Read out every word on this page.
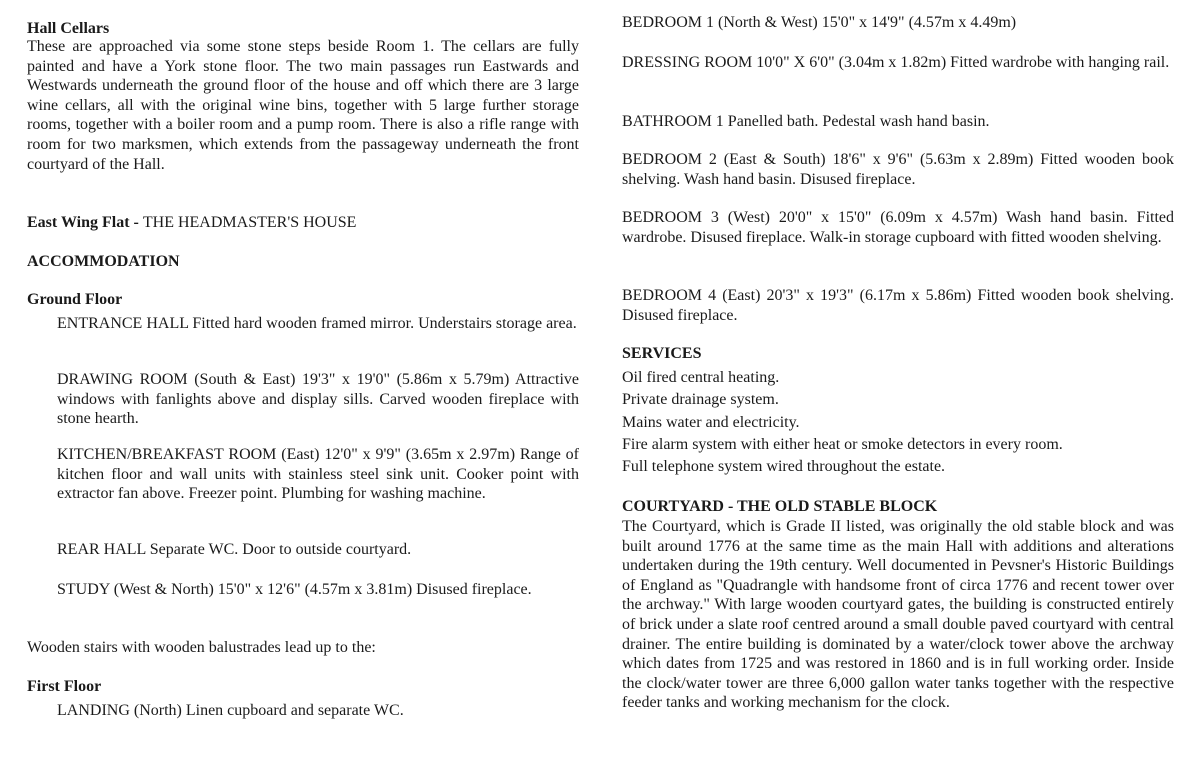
Hall Cellars
These are approached via some stone steps beside Room 1. The cellars are fully painted and have a York stone floor. The two main passages run Eastwards and Westwards underneath the ground floor of the house and off which there are 3 large wine cellars, all with the original wine bins, together with 5 large further storage rooms, together with a boiler room and a pump room. There is also a rifle range with room for two marksmen, which extends from the passageway underneath the front courtyard of the Hall.
East Wing Flat - THE HEADMASTER'S HOUSE
ACCOMMODATION
Ground Floor
ENTRANCE HALL Fitted hard wooden framed mirror. Understairs storage area.
DRAWING ROOM (South & East) 19'3" x 19'0" (5.86m x 5.79m) Attractive windows with fanlights above and display sills. Carved wooden fireplace with stone hearth.
KITCHEN/BREAKFAST ROOM (East) 12'0" x 9'9" (3.65m x 2.97m) Range of kitchen floor and wall units with stainless steel sink unit. Cooker point with extractor fan above. Freezer point. Plumbing for washing machine.
REAR HALL Separate WC. Door to outside courtyard.
STUDY (West & North) 15'0" x 12'6" (4.57m x 3.81m) Disused fireplace.
Wooden stairs with wooden balustrades lead up to the:
First Floor
LANDING (North) Linen cupboard and separate WC.
BEDROOM 1 (North & West) 15'0" x 14'9" (4.57m x 4.49m)
DRESSING ROOM 10'0" X 6'0" (3.04m x 1.82m) Fitted wardrobe with hanging rail.
BATHROOM 1 Panelled bath. Pedestal wash hand basin.
BEDROOM 2 (East & South) 18'6" x 9'6" (5.63m x 2.89m) Fitted wooden book shelving. Wash hand basin. Disused fireplace.
BEDROOM 3 (West) 20'0" x 15'0" (6.09m x 4.57m) Wash hand basin. Fitted wardrobe. Disused fireplace. Walk-in storage cupboard with fitted wooden shelving.
BEDROOM 4 (East) 20'3" x 19'3" (6.17m x 5.86m) Fitted wooden book shelving. Disused fireplace.
SERVICES
Oil fired central heating.
Private drainage system.
Mains water and electricity.
Fire alarm system with either heat or smoke detectors in every room.
Full telephone system wired throughout the estate.
COURTYARD - THE OLD STABLE BLOCK
The Courtyard, which is Grade II listed, was originally the old stable block and was built around 1776 at the same time as the main Hall with additions and alterations undertaken during the 19th century. Well documented in Pevsner's Historic Buildings of England as "Quadrangle with handsome front of circa 1776 and recent tower over the archway." With large wooden courtyard gates, the building is constructed entirely of brick under a slate roof centred around a small double paved courtyard with central drainer. The entire building is dominated by a water/clock tower above the archway which dates from 1725 and was restored in 1860 and is in full working order. Inside the clock/water tower are three 6,000 gallon water tanks together with the respective feeder tanks and working mechanism for the clock.
